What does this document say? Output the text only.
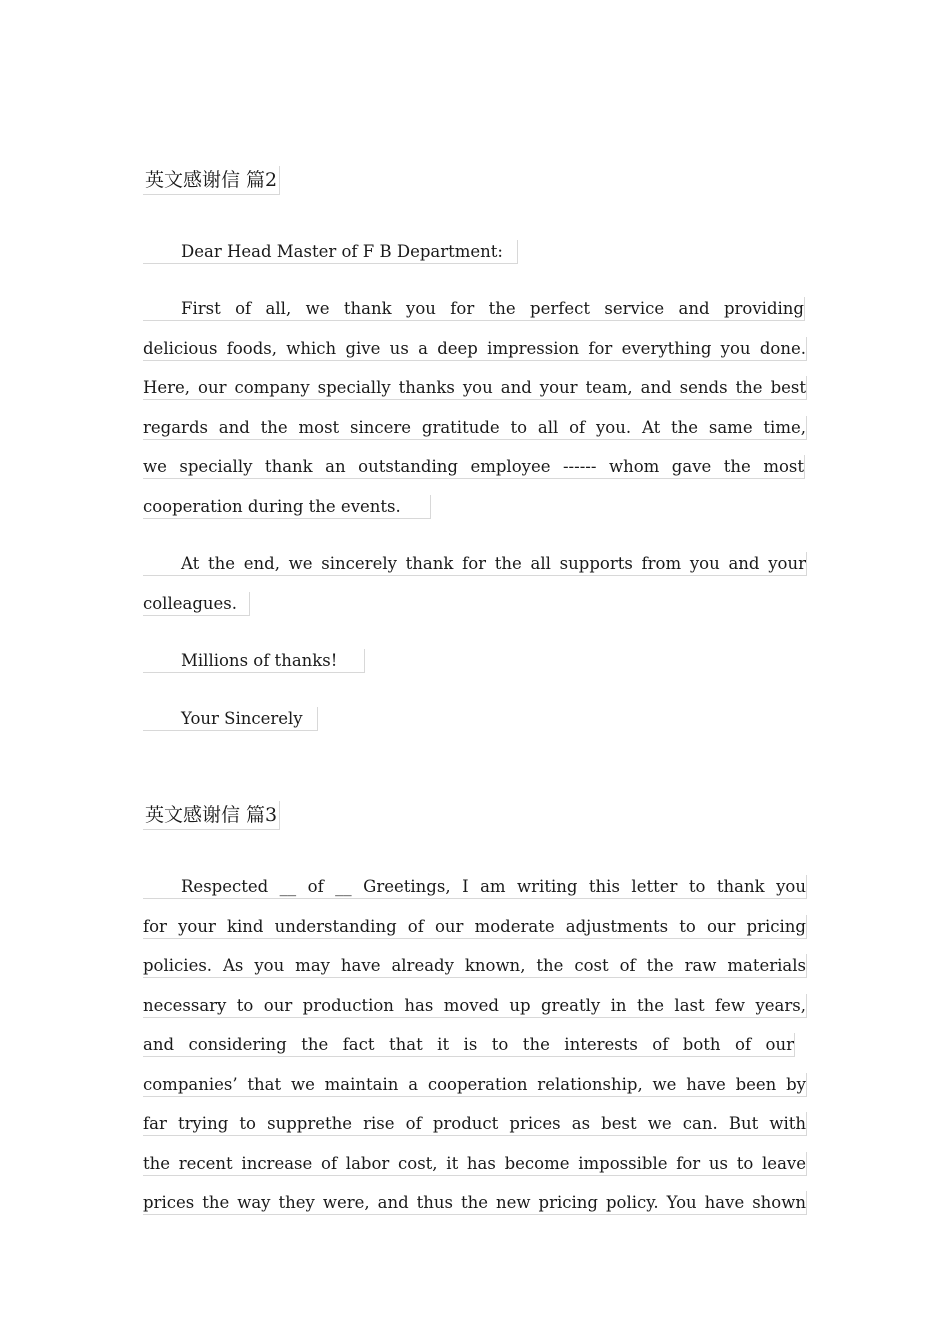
英文感谢信 篇2
Dear Head Master of F B Department:
First of all, we thank you for the perfect service and providing
delicious foods, which give us a deep impression for everything you done.
Here, our company specially thanks you and your team, and sends the best
regards and the most sincere gratitude to all of you. At the same time,
we specially thank an outstanding employee ------ whom gave the most
cooperation during the events.
At the end, we sincerely thank for the all supports from you and your
colleagues.
Millions of thanks!
Your Sincerely
英文感谢信 篇3
Respected __ of __ Greetings, I am writing this letter to thank you
for your kind understanding of our moderate adjustments to our pricing
policies. As you may have already known, the cost of the raw materials
necessary to our production has moved up greatly in the last few years,
and considering the fact that it is to the interests of both of our
companies’ that we maintain a cooperation relationship, we have been by
far trying to supprethe rise of product prices as best we can. But with
the recent increase of labor cost, it has become impossible for us to leave
prices the way they were, and thus the new pricing policy. You have shown
